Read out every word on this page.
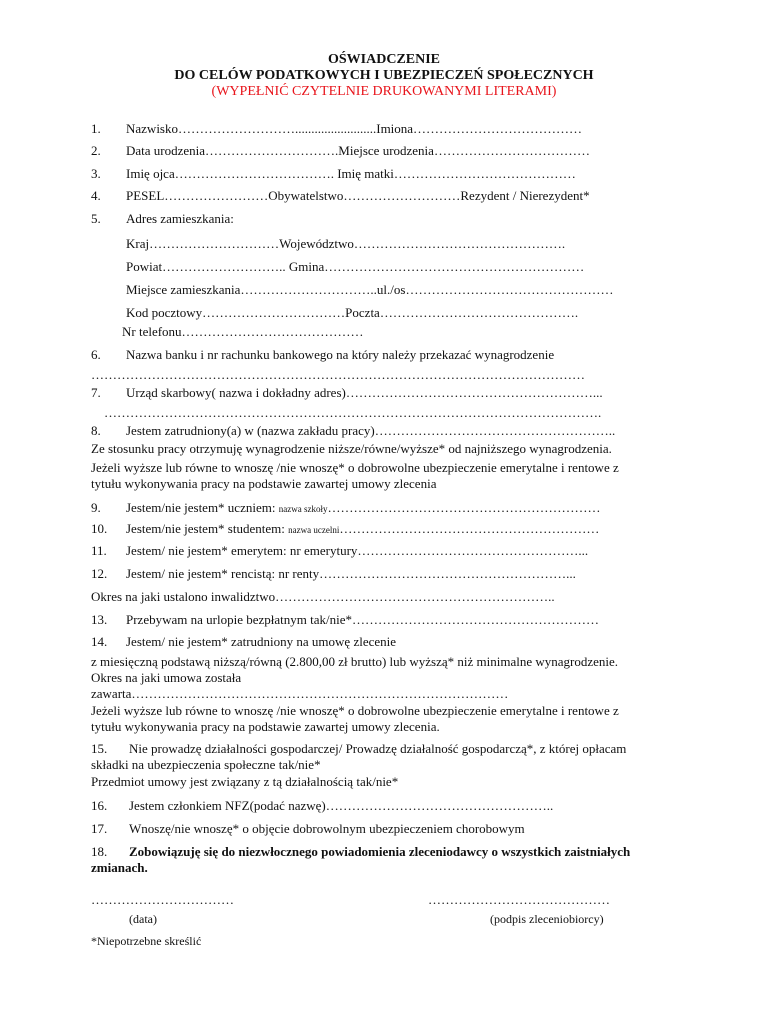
OŚWIADCZENIE
DO CELÓW PODATKOWYCH I UBEZPIECZEŃ SPOŁECZNYCH
(WYPEŁNIĆ CZYTELNIE DRUKOWANYMI LITERAMI)
1. Nazwisko……………………….........................Imiona…………………………………
2. Data urodzenia………………………….Miejsce urodzenia………………………………
3. Imię ojca………………………………. Imię matki……………………………………
4. PESEL……………………Obywatelstwo………………………Rezydent / Nierezydent*
5. Adres zamieszkania:
Kraj…………………………Województwo………………………………………….
Powiat……………………….. Gmina……………………………………………………
Miejsce zamieszkania…………………………..ul./os…………………………………………
Kod pocztowy……………………………Poczta……………………………………….
Nr telefonu……………………………………
6. Nazwa banku i nr rachunku bankowego na który należy przekazać wynagrodzenie
……………………………………………………………………………………………………
7. Urząd skarbowy( nazwa i dokładny adres)…………………………………………………...
…………………………………………………………………………………………………….
8. Jestem zatrudniony(a) w (nazwa zakładu pracy)………………………………………………..
Ze stosunku pracy otrzymuję wynagrodzenie niższe/równe/wyższe* od najniższego wynagrodzenia.
Jeżeli wyższe lub równe to wnoszę /nie wnoszę* o dobrowolne ubezpieczenie emerytalne i rentowe z
tytułu wykonywania pracy na podstawie zawartej umowy zlecenia
9. Jestem/nie jestem* uczniem: nazwa szkoły………………………………………………………
10. Jestem/nie jestem* studentem: nazwa uczelni……………………………………………………
11. Jestem/ nie jestem* emerytem: nr emerytury……………………………………………...
12. Jestem/ nie jestem* rencistą: nr renty…………………………………………………...
Okres na jaki ustalono inwalidztwo………………………………………………………..
13. Przebywam na urlopie bezpłatnym tak/nie*…………………………………………………
14. Jestem/ nie jestem* zatrudniony na umowę zlecenie
z miesięczną podstawą niższą/równą (2.800,00 zł brutto) lub wyższą* niż minimalne wynagrodzenie.
Okres na jaki umowa została
zawarta……………………………………………………………………………
Jeżeli wyższe lub równe to wnoszę /nie wnoszę* o dobrowolne ubezpieczenie emerytalne i rentowe z
tytułu wykonywania pracy na podstawie zawartej umowy zlecenia.
15. Nie prowadzę działalności gospodarczej/ Prowadzę działalność gospodarczą*, z której opłacam
składki na ubezpieczenia społeczne tak/nie*
Przedmiot umowy jest związany z tą działalnością tak/nie*
16. Jestem członkiem NFZ(podać nazwę)……………………………………………..
17. Wnoszę/nie wnoszę* o objęcie dobrowolnym ubezpieczeniem chorobowym
18. Zobowiązuję się do niezwłocznego powiadomienia zleceniodawcy o wszystkich zaistniałych
zmianach.
……………………………	……………………………………
(data)	(podpis zleceniobiorcy)
*Niepotrzebne skreślić
